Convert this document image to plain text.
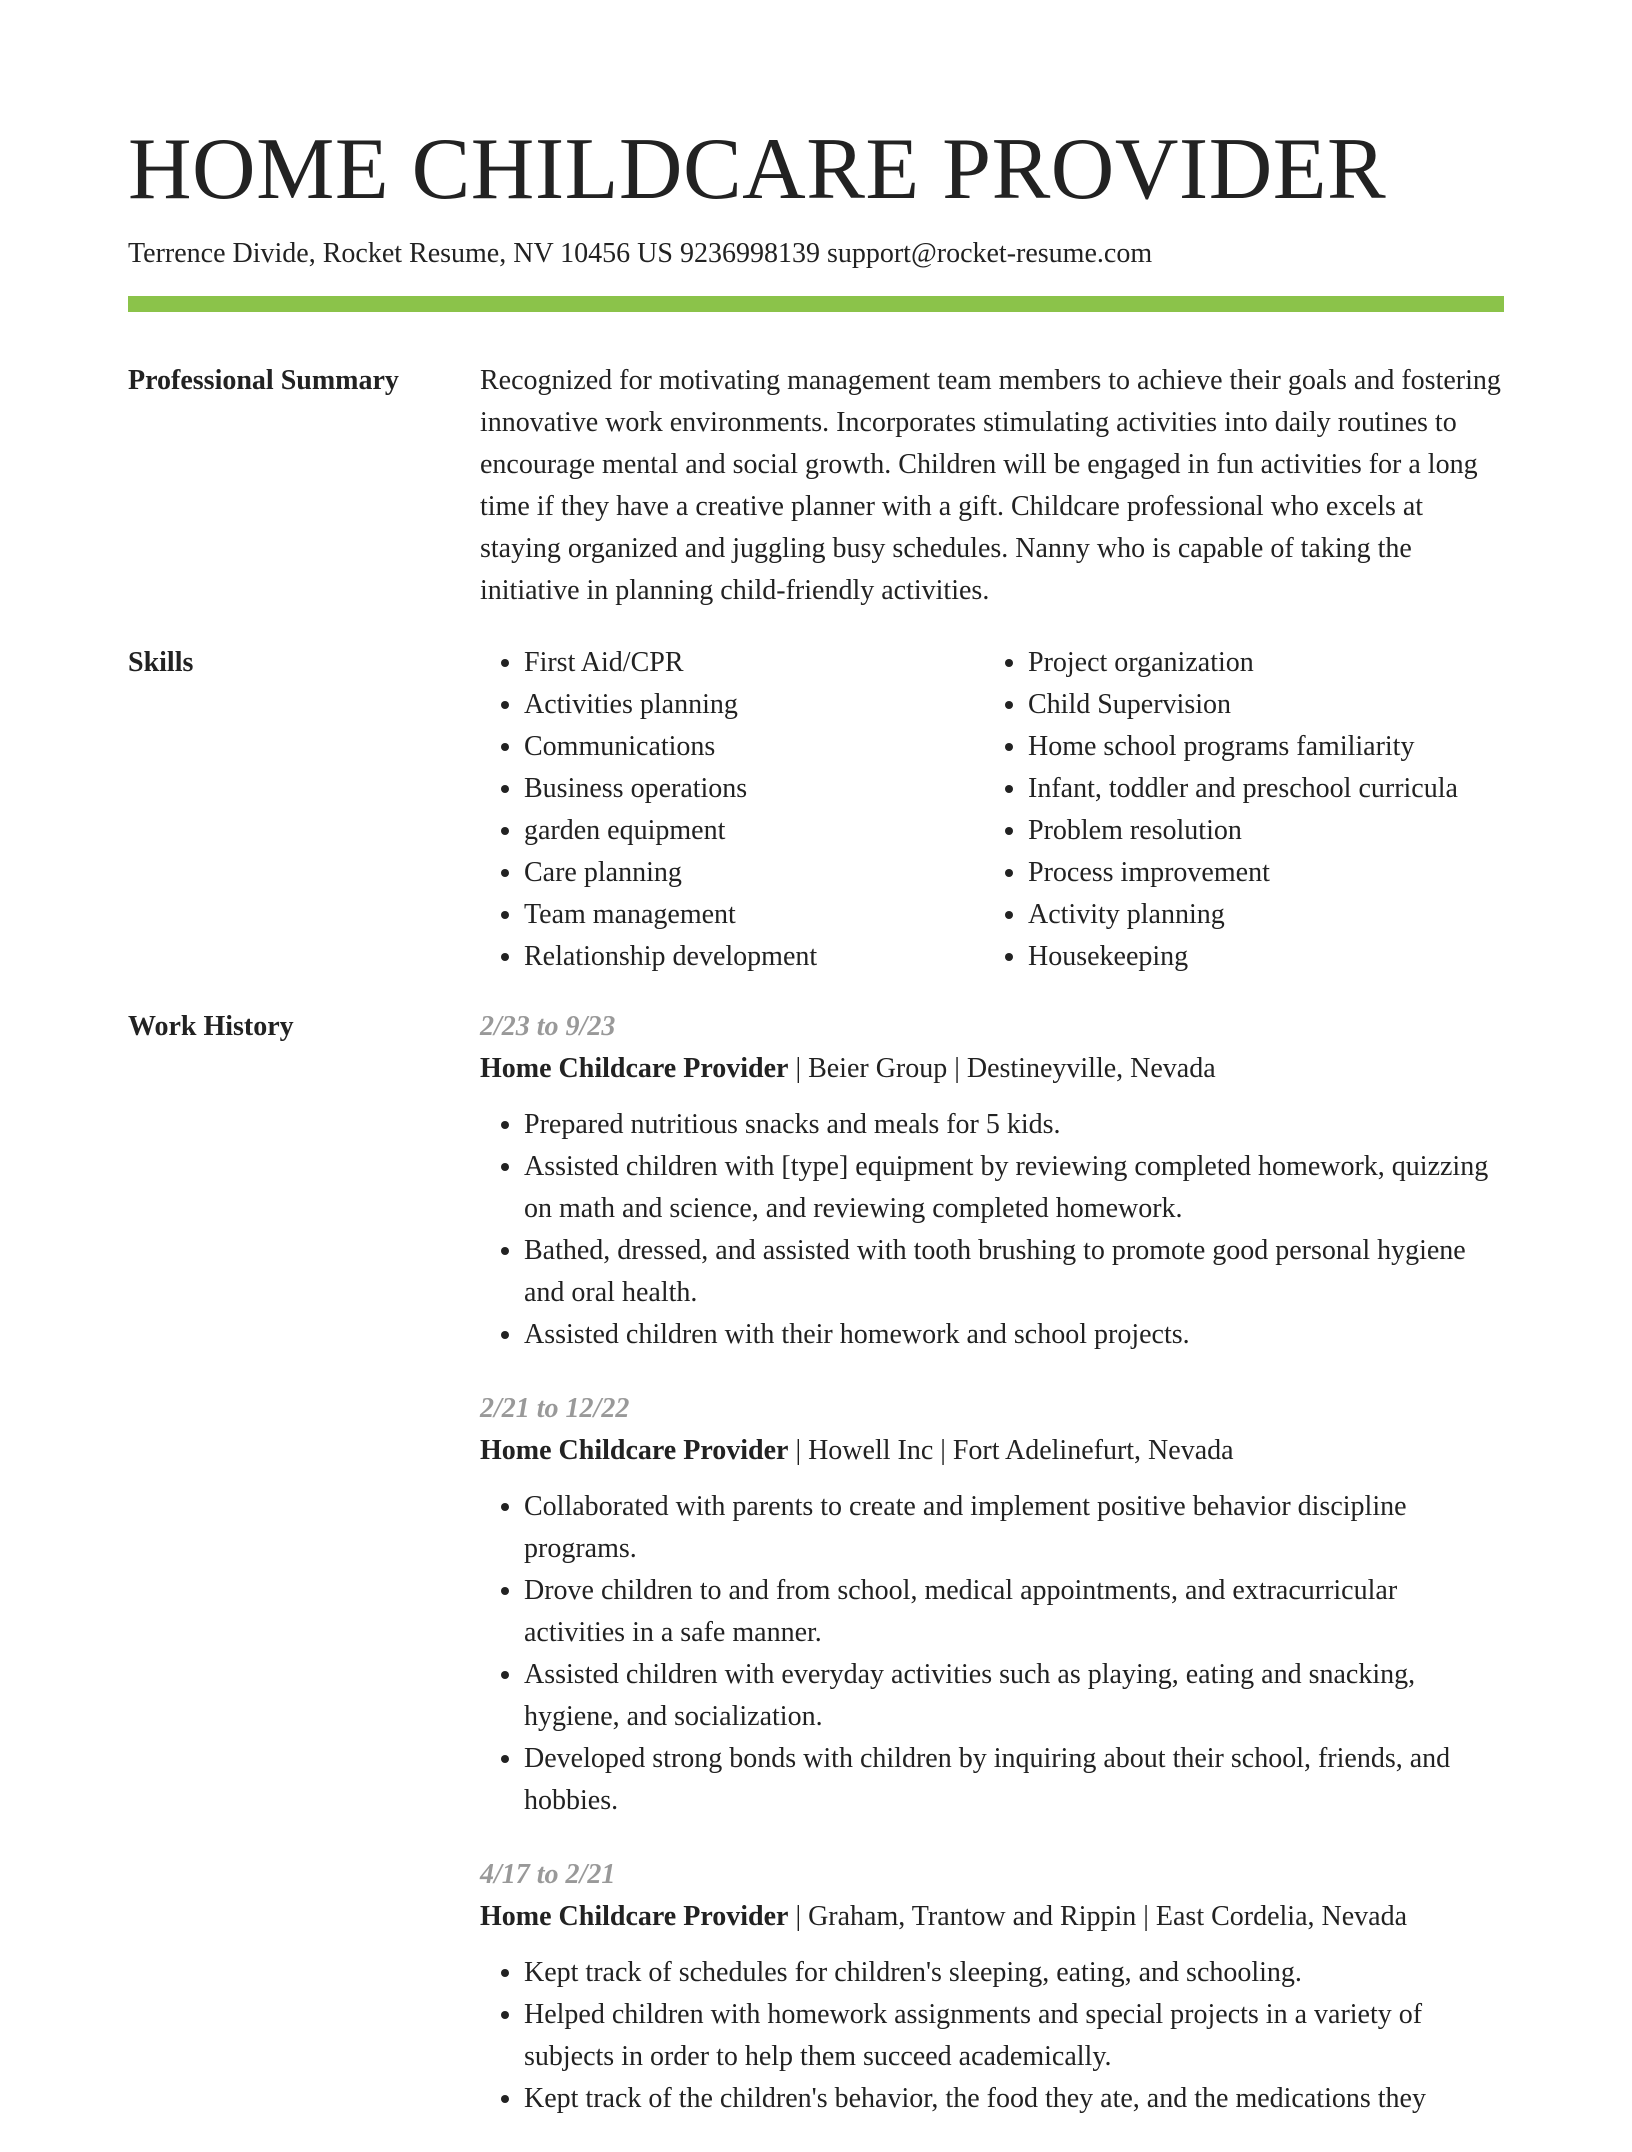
HOME CHILDCARE PROVIDER
Terrence Divide, Rocket Resume, NV 10456 US 9236998139 support@rocket-resume.com
Professional Summary	Recognized for motivating management team members to achieve their goals and fostering innovative work environments. Incorporates stimulating activities into daily routines to encourage mental and social growth. Children will be engaged in fun activities for a long time if they have a creative planner with a gift. Childcare professional who excels at staying organized and juggling busy schedules. Nanny who is capable of taking the initiative in planning child-friendly activities.

Skills
•	First Aid/CPR
• Activities planning
• Communications
• Business operations
• garden equipment
• Care planning
• Team management
• Relationship development
• Project organization
• Child Supervision
• Home school programs familiarity
• Infant, toddler and preschool curricula
• Problem resolution
• Process improvement
• Activity planning
• Housekeeping
Work History	2/23 to 9/23
Home Childcare Provider | Beier Group | Destineyville, Nevada
• Prepared nutritious snacks and meals for 5 kids.
• Assisted children with [type] equipment by reviewing completed homework, quizzing on math and science, and reviewing completed homework.
• Bathed, dressed, and assisted with tooth brushing to promote good personal hygiene and oral health.
• Assisted children with their homework and school projects.
2/21 to 12/22
Home Childcare Provider | Howell Inc | Fort Adelinefurt, Nevada
• Collaborated with parents to create and implement positive behavior discipline programs.
• Drove children to and from school, medical appointments, and extracurricular activities in a safe manner.
• Assisted children with everyday activities such as playing, eating and snacking, hygiene, and socialization.
• Developed strong bonds with children by inquiring about their school, friends, and hobbies.
4/17 to 2/21
Home Childcare Provider | Graham, Trantow and Rippin | East Cordelia, Nevada
• Kept track of schedules for children's sleeping, eating, and schooling.
• Helped children with homework assignments and special projects in a variety of subjects in order to help them succeed academically.
• Kept track of the children's behavior, the food they ate, and the medications they
